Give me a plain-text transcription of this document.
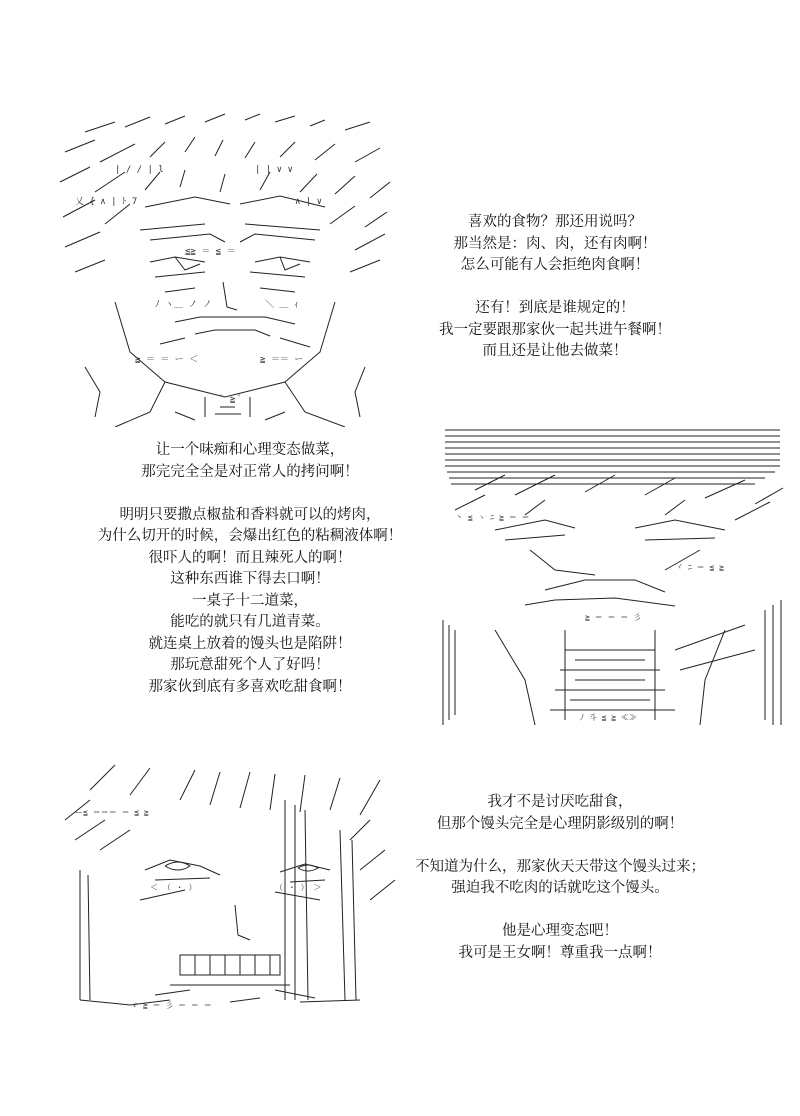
| / / | l	| | ∨ ∨
乂 { ∧ | ﾄ 7	∧ | ∨
≦≧ ＝ ≦ ＝
ﾉ ヽ＿ ノ ノ	＼ ＿ ｨ
≧ ＝ ＝ ー ＜	≧ ＝＝ ー
ﾟ ≧ ﾟ
喜欢的食物？那还用说吗？
那当然是：肉、肉，还有肉啊！
怎么可能有人会拒绝肉食啊！
还有！到底是谁规定的！
我一定要跟那家伙一起共进午餐啊！
而且还是让他去做菜！
让一个味痴和心理变态做菜，
那完完全全是对正常人的拷问啊！
明明只要撒点椒盐和香料就可以的烤肉，
为什么切开的时候，会爆出红色的粘稠液体啊！
很吓人的啊！而且辣死人的啊！
这种东西谁下得去口啊！
一桌子十二道菜，
能吃的就只有几道青菜。
就连桌上放着的馒头也是陷阱！
那玩意甜死个人了好吗！
那家伙到底有多喜欢吃甜食啊！
丶 ≦ ヽ ﾆ ≧ ＝ ＝
ヾ ﾆ ＝ ≦ ≧
≧ ＝ ＝ ＝ 彡
ﾉ 斗 ≦ ≧ ≪≫
ー≦ ＝＝＝ ＝ ≦ ≧
＜ （ ・ ）	（ ・ ） ＞
ゞ ≧ ＝ 彡 ＝ ＝ ＝
我才不是讨厌吃甜食，
但那个馒头完全是心理阴影级别的啊！
不知道为什么，那家伙天天带这个馒头过来；
强迫我不吃肉的话就吃这个馒头。
他是心理变态吧！
我可是王女啊！尊重我一点啊！
